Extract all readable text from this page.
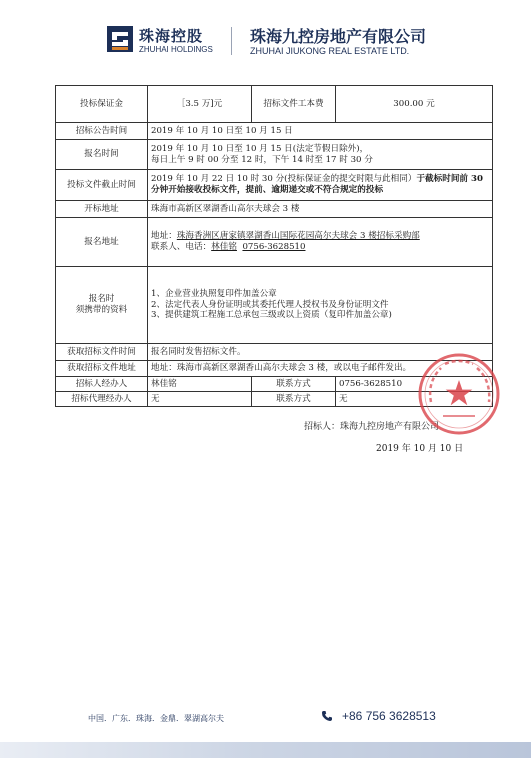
珠海控股
ZHUHAI HOLDINGS
珠海九控房地产有限公司
ZHUHAI JIUKONG REAL ESTATE LTD.
投标保证金	［3.5 万]元	招标文件工本费	300.00 元
招标公告时间	2019 年 10 月 10 日至 10 月 15 日		
报名时间	2019 年 10 月 10 日至 10 月 15 日(法定节假日除外)，
每日上午 9 时 00 分至 12 时，下午 14 时至 17 时 30 分		

投标文件截止时间	2019 年 10 月 22 日 10 时 30 分(投标保证金的提交时限与此相同）于截标时间前 30 分钟开始接收投标文件，提前、逾期递交或不符合规定的投标		
开标地址	珠海市高新区翠湖香山高尔夫球会 3 楼		
报名地址	地址：珠海香洲区唐家镇翠湖香山国际花园高尔夫球会 3 楼招标采购部
联系人、电话：林佳铭 0756-3628510		

报名时
须携带的资料	1、企业营业执照复印件加盖公章
2、法定代表人身份证明或其委托代理人授权书及身份证明文件
3、提供建筑工程施工总承包三级或以上资质（复印件加盖公章)		

获取招标文件时间	报名同时发售招标文件。		
获取招标文件地址	地址：珠海市高新区翠湖香山高尔夫球会 3 楼，或以电子邮件发出。		
招标人经办人	林佳铭	联系方式	0756-3628510
招标代理经办人	无	联系方式	无
招标人：珠海九控房地产有限公司
2019 年 10 月 10 日
中国．广东．珠海．金鼎．翠湖高尔夫	+86 756 3628513
